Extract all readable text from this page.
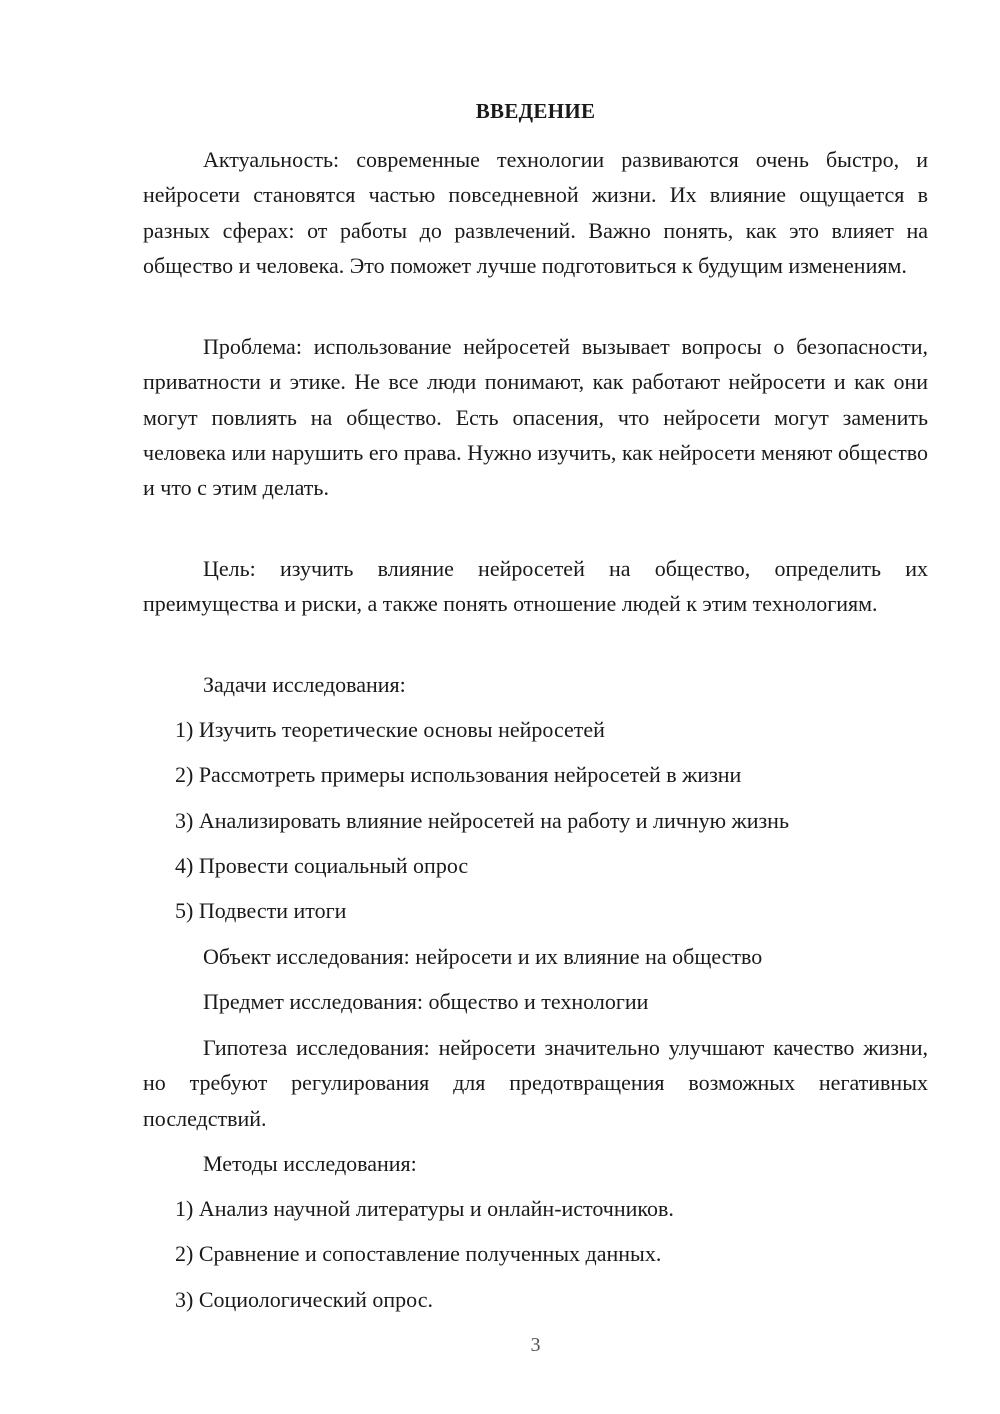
ВВЕДЕНИЕ

Актуальность: современные технологии развиваются очень быстро, и нейросети становятся частью повседневной жизни. Их влияние ощущается в разных сферах: от работы до развлечений. Важно понять, как это влияет на общество и человека. Это поможет лучше подготовиться к будущим изменениям.

Проблема: использование нейросетей вызывает вопросы о безопасности, приватности и этике. Не все люди понимают, как работают нейросети и как они могут повлиять на общество. Есть опасения, что нейросети могут заменить человека или нарушить его права. Нужно изучить, как нейросети меняют общество и что с этим делать.

Цель: изучить влияние нейросетей на общество, определить их преимущества и риски, а также понять отношение людей к этим технологиям.

Задачи исследования:

1) Изучить теоретические основы нейросетей

2) Рассмотреть примеры использования нейросетей в жизни

3) Анализировать влияние нейросетей на работу и личную жизнь

4) Провести социальный опрос

5) Подвести итоги

Объект исследования: нейросети и их влияние на общество

Предмет исследования: общество и технологии

Гипотеза исследования: нейросети значительно улучшают качество жизни, но требуют регулирования для предотвращения возможных негативных последствий.

Методы исследования:

1) Анализ научной литературы и онлайн-источников.

2) Сравнение и сопоставление полученных данных.

3) Социологический опрос.

3
